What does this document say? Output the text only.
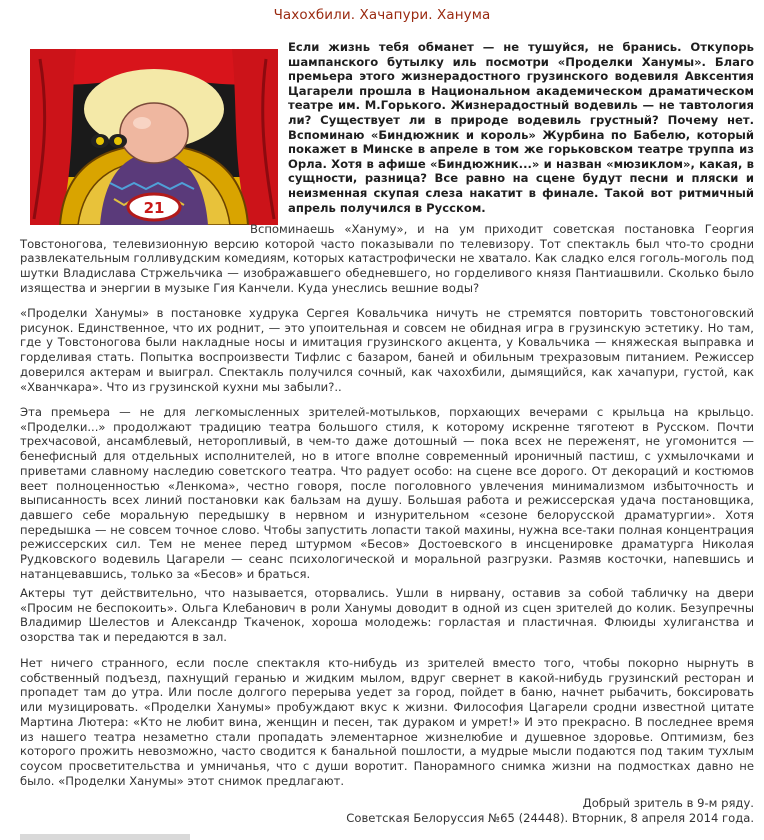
Чахохбили. Хачапури. Ханума
21
Если жизнь тебя обманет — не тушуйся, не бранись. Откупорь шампанского бутылку иль посмотри «Проделки Ханумы». Благо премьера этого жизнерадостного грузинского водевиля Авксентия Цагарели прошла в Национальном академическом драматическом театре им. М.Горького. Жизнерадостный водевиль — не тавтология ли? Существует ли в природе водевиль грустный? Почему нет. Вспоминаю «Биндюжник и король» Журбина по Бабелю, который покажет в Минске в апреле в том же горьковском театре труппа из Орла. Хотя в афише «Биндюжник...» и назван «мюзиклом», какая, в сущности, разница? Все равно на сцене будут песни и пляски и неизменная скупая слеза накатит в финале. Такой вот ритмичный апрель получился в Русском.

Вспоминаешь «Хануму», и на ум приходит советская постановка Георгия Товстоногова, телевизионную версию которой часто показывали по телевизору. Тот спектакль был что-то сродни развлекательным голливудским комедиям, которых катастрофически не хватало. Как сладко елся гоголь-моголь под шутки Владислава Стржельчика — изображавшего обедневшего, но горделивого князя Пантиашвили. Сколько было изящества и энергии в музыке Гия Канчели. Куда унеслись вешние воды?

«Проделки Ханумы» в постановке худрука Сергея Ковальчика ничуть не стремятся повторить товстоноговский рисунок. Единственное, что их роднит, — это упоительная и совсем не обидная игра в грузинскую эстетику. Но там, где у Товстоногова были накладные носы и имитация грузинского акцента, у Ковальчика — княжеская выправка и горделивая стать. Попытка воспроизвести Тифлис с базаром, баней и обильным трехразовым питанием. Режиссер доверился актерам и выиграл. Спектакль получился сочный, как чахохбили, дымящийся, как хачапури, густой, как «Хванчкара». Что из грузинской кухни мы забыли?..

Эта премьера — не для легкомысленных зрителей-мотыльков, порхающих вечерами с крыльца на крыльцо. «Проделки...» продолжают традицию театра большого стиля, к которому искренне тяготеют в Русском. Почти трехчасовой, ансамблевый, неторопливый, в чем-то даже дотошный — пока всех не переженят, не угомонится — бенефисный для отдельных исполнителей, но в итоге вполне современный ироничный пастиш, с ухмылочками и приветами славному наследию советского театра. Что радует особо: на сцене все дорого. От декораций и костюмов веет полноценностью «Ленкома», честно говоря, после поголовного увлечения минимализмом избыточность и выписанность всех линий постановки как бальзам на душу. Большая работа и режиссерская удача постановщика, давшего себе моральную передышку в нервном и изнурительном «сезоне белорусской драматургии». Хотя передышка — не совсем точное слово. Чтобы запустить лопасти такой махины, нужна все-таки полная концентрация режиссерских сил. Тем не менее перед штурмом «Бесов» Достоевского в инсценировке драматурга Николая Рудковского водевиль Цагарели — сеанс психологической и моральной разгрузки. Размяв косточки, напевшись и натанцевавшись, только за «Бесов» и браться.

Актеры тут действительно, что называется, оторвались. Ушли в нирвану, оставив за собой табличку на двери «Просим не беспокоить». Ольга Клебанович в роли Ханумы доводит в одной из сцен зрителей до колик. Безупречны Владимир Шелестов и Александр Ткаченок, хороша молодежь: горластая и пластичная. Флюиды хулиганства и озорства так и передаются в зал.

Нет ничего странного, если после спектакля кто-нибудь из зрителей вместо того, чтобы покорно нырнуть в собственный подъезд, пахнущий геранью и жидким мылом, вдруг свернет в какой-нибудь грузинский ресторан и пропадет там до утра. Или после долгого перерыва уедет за город, пойдет в баню, начнет рыбачить, боксировать или музицировать. «Проделки Ханумы» пробуждают вкус к жизни. Философия Цагарели сродни известной цитате Мартина Лютера: «Кто не любит вина, женщин и песен, так дураком и умрет!» И это прекрасно. В последнее время из нашего театра незаметно стали пропадать элементарное жизнелюбие и душевное здоровье. Оптимизм, без которого прожить невозможно, часто сводится к банальной пошлости, а мудрые мысли подаются под таким тухлым соусом просветительства и умничанья, что с души воротит. Панорамного снимка жизни на подмостках давно не было. «Проделки Ханумы» этот снимок предлагают.

Добрый зритель в 9-м ряду.
Советская Белоруссия №65 (24448). Вторник, 8 апреля 2014 года.
